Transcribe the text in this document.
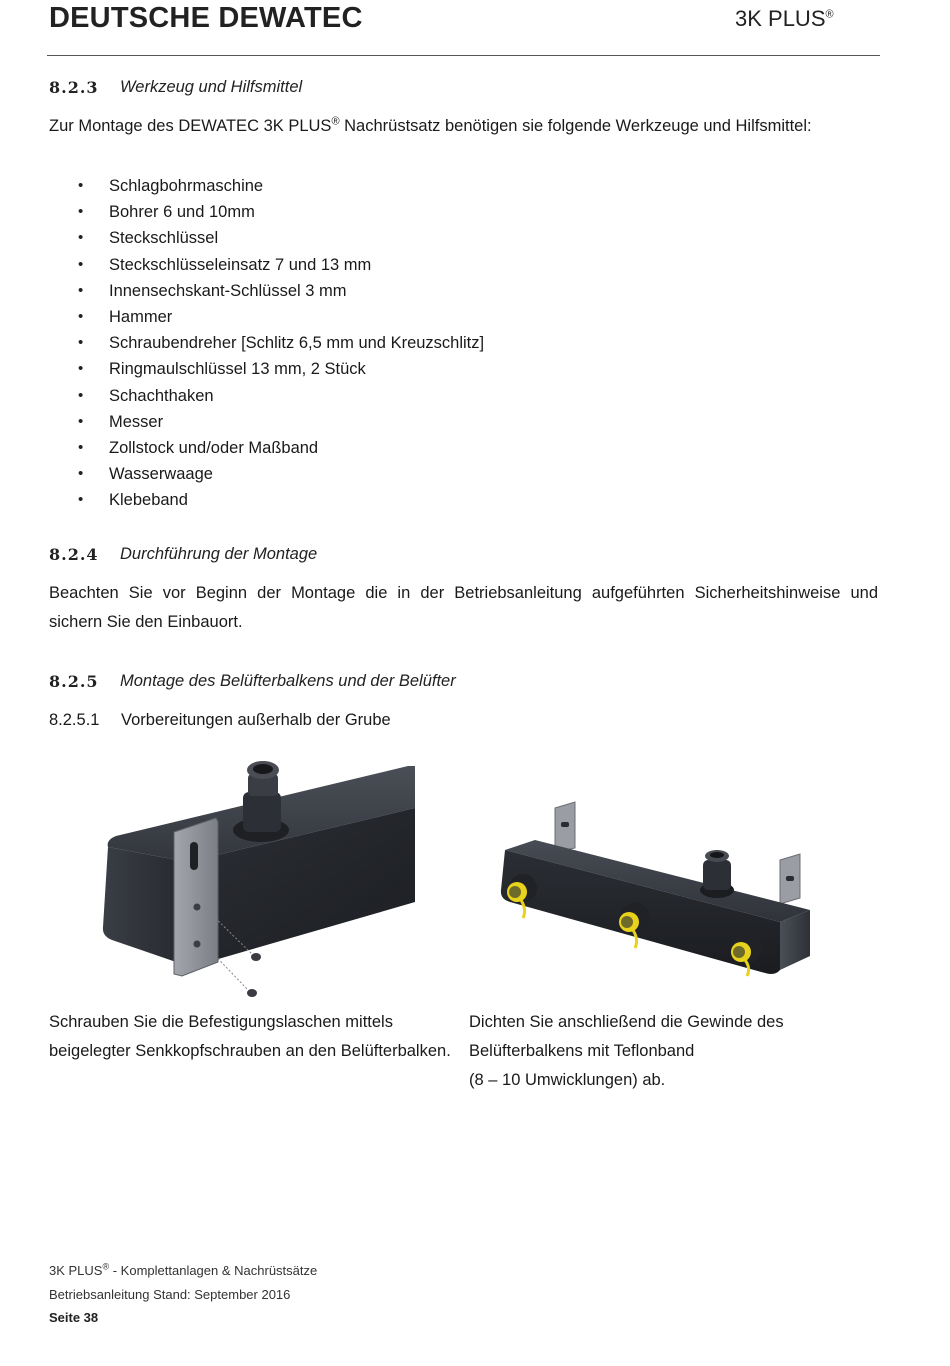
DEUTSCHE DEWATEC	3K PLUS®
8.2.3 Werkzeug und Hilfsmittel
Zur Montage des DEWATEC 3K PLUS® Nachrüstsatz benötigen sie folgende Werkzeuge und Hilfsmittel:
• Schlagbohrmaschine
• Bohrer 6 und 10mm
• Steckschlüssel
• Steckschlüsseleinsatz 7 und 13 mm
• Innensechskant-Schlüssel 3 mm
• Hammer
• Schraubendreher [Schlitz 6,5 mm und Kreuzschlitz]
• Ringmaulschlüssel 13 mm, 2 Stück
• Schachthaken
• Messer
• Zollstock und/oder Maßband
• Wasserwaage
• Klebeband
8.2.4 Durchführung der Montage
Beachten Sie vor Beginn der Montage die in der Betriebsanleitung aufgeführten Sicherheitshinweise und
sichern Sie den Einbauort.
8.2.5 Montage des Belüfterbalkens und der Belüfter
8.2.5.1 Vorbereitungen außerhalb der Grube
Schrauben Sie die Befestigungslaschen mittels
beigelegter Senkkopfschrauben an den Belüfterbalken.
Dichten Sie anschließend die Gewinde des
Belüfterbalkens mit Teflonband
(8 – 10 Umwicklungen) ab.
3K PLUS® - Komplettanlagen & Nachrüstsätze
Betriebsanleitung Stand: September 2016
Seite 38
